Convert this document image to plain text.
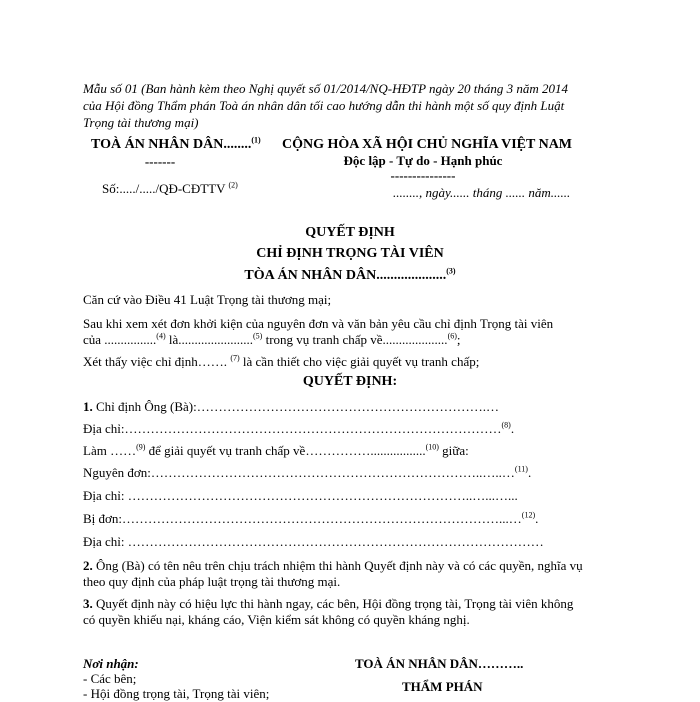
Mẫu số 01 (Ban hành kèm theo Nghị quyết số 01/2014/NQ-HĐTP ngày 20 tháng 3 năm 2014
của Hội đồng Thẩm phán Toà án nhân dân tối cao hướng dẫn thi hành một số quy định Luật
Trọng tài thương mại)
TOÀ ÁN NHÂN DÂN........$^{(1)}$
-------
Số:...../...../QĐ-CĐTTV $^{(2)}$
CỘNG HÒA XÃ HỘI CHỦ NGHĨA VIỆT NAM
Độc lập - Tự do - Hạnh phúc
---------------
........, ngày...... tháng ...... năm......
QUYẾT ĐỊNH
CHỈ ĐỊNH TRỌNG TÀI VIÊN
TÒA ÁN NHÂN DÂN....................$^{(3)}$
Căn cứ vào Điều 41 Luật Trọng tài thương mại;
Sau khi xem xét đơn khởi kiện của nguyên đơn và văn bản yêu cầu chỉ định Trọng tài viên
của ................$^{(4)}$ là.......................$^{(5)}$ trong vụ tranh chấp về....................$^{(6)}$;
Xét thấy việc chỉ định……. $^{(7)}$ là cần thiết cho việc giải quyết vụ tranh chấp;
QUYẾT ĐỊNH:
1. Chỉ định Ông (Bà):………………………………………………………….…
Địa chỉ:……………………………………………………………………………$^{(8)}$.
Làm ……$^{(9)}$ để giải quyết vụ tranh chấp về…………….................$^{(10)}$ giữa:
Nguyên đơn:…………………………………………………………………..…..…$^{(11)}$.
Địa chỉ: ……………………………………………………………………..…...…...
Bị đơn:……………………………………………………………………………...…$^{(12)}$.
Địa chỉ: ……………………………………………………………………………………
2. Ông (Bà) có tên nêu trên chịu trách nhiệm thi hành Quyết định này và có các quyền, nghĩa vụ
theo quy định của pháp luật trọng tài thương mại.
3. Quyết định này có hiệu lực thi hành ngay, các bên, Hội đồng trọng tài, Trọng tài viên không
có quyền khiếu nại, kháng cáo, Viện kiểm sát không có quyền kháng nghị.
Nơi nhận:
- Các bên;
- Hội đồng trọng tài, Trọng tài viên;
TOÀ ÁN NHÂN DÂN………..
THẨM PHÁN
